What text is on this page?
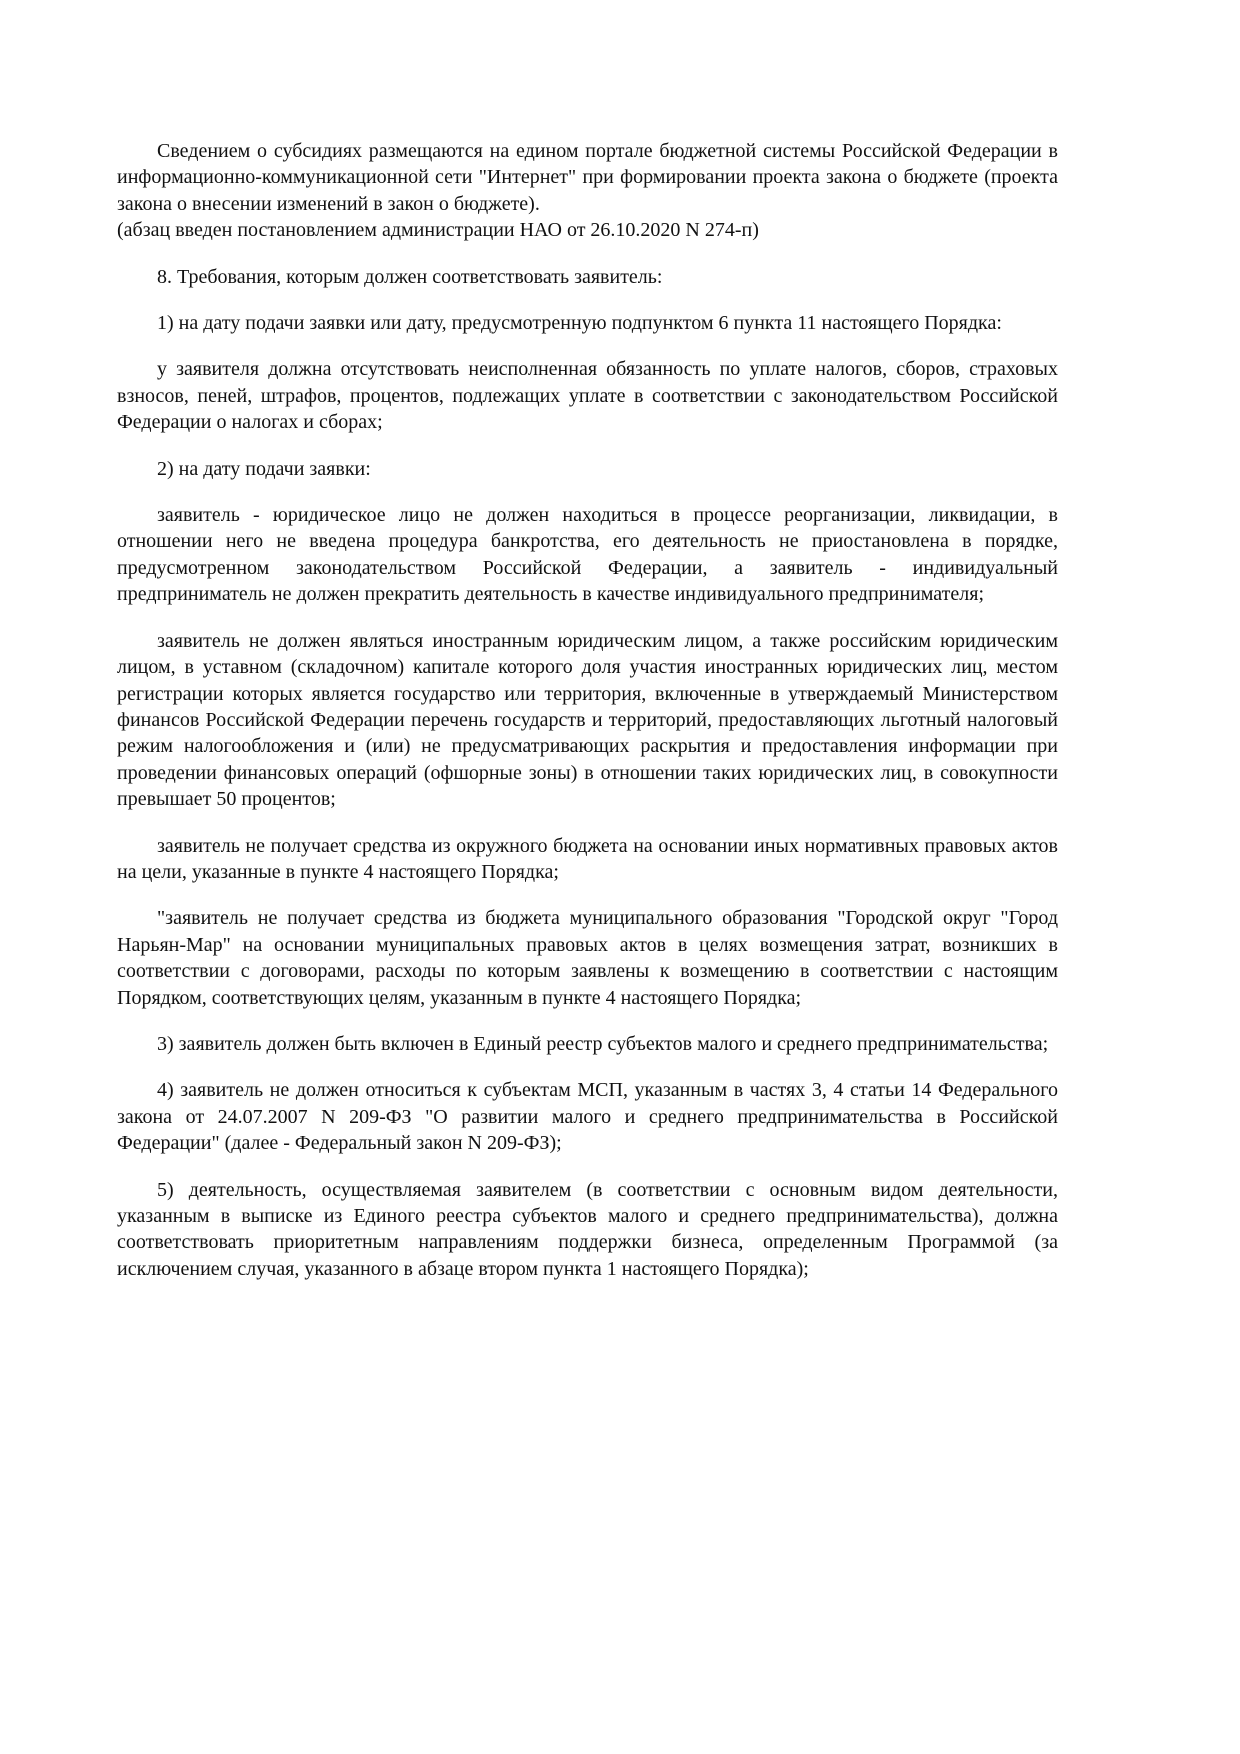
Сведением о субсидиях размещаются на едином портале бюджетной системы Российской Федерации в информационно-коммуникационной сети "Интернет" при формировании проекта закона о бюджете (проекта закона о внесении изменений в закон о бюджете).

(абзац введен постановлением администрации НАО от 26.10.2020 N 274-п)

8. Требования, которым должен соответствовать заявитель:

1) на дату подачи заявки или дату, предусмотренную подпунктом 6 пункта 11 настоящего Порядка:

у заявителя должна отсутствовать неисполненная обязанность по уплате налогов, сборов, страховых взносов, пеней, штрафов, процентов, подлежащих уплате в соответствии с законодательством Российской Федерации о налогах и сборах;

2) на дату подачи заявки:

заявитель - юридическое лицо не должен находиться в процессе реорганизации, ликвидации, в отношении него не введена процедура банкротства, его деятельность не приостановлена в порядке, предусмотренном законодательством Российской Федерации, а заявитель - индивидуальный предприниматель не должен прекратить деятельность в качестве индивидуального предпринимателя;

заявитель не должен являться иностранным юридическим лицом, а также российским юридическим лицом, в уставном (складочном) капитале которого доля участия иностранных юридических лиц, местом регистрации которых является государство или территория, включенные в утверждаемый Министерством финансов Российской Федерации перечень государств и территорий, предоставляющих льготный налоговый режим налогообложения и (или) не предусматривающих раскрытия и предоставления информации при проведении финансовых операций (офшорные зоны) в отношении таких юридических лиц, в совокупности превышает 50 процентов;

заявитель не получает средства из окружного бюджета на основании иных нормативных правовых актов на цели, указанные в пункте 4 настоящего Порядка;

"заявитель не получает средства из бюджета муниципального образования "Городской округ "Город Нарьян-Мар" на основании муниципальных правовых актов в целях возмещения затрат, возникших в соответствии с договорами, расходы по которым заявлены к возмещению в соответствии с настоящим Порядком, соответствующих целям, указанным в пункте 4 настоящего Порядка;

3) заявитель должен быть включен в Единый реестр субъектов малого и среднего предпринимательства;

4) заявитель не должен относиться к субъектам МСП, указанным в частях 3, 4 статьи 14 Федерального закона от 24.07.2007 N 209-ФЗ "О развитии малого и среднего предпринимательства в Российской Федерации" (далее - Федеральный закон N 209-ФЗ);

5) деятельность, осуществляемая заявителем (в соответствии с основным видом деятельности, указанным в выписке из Единого реестра субъектов малого и среднего предпринимательства), должна соответствовать приоритетным направлениям поддержки бизнеса, определенным Программой (за исключением случая, указанного в абзаце втором пункта 1 настоящего Порядка);
